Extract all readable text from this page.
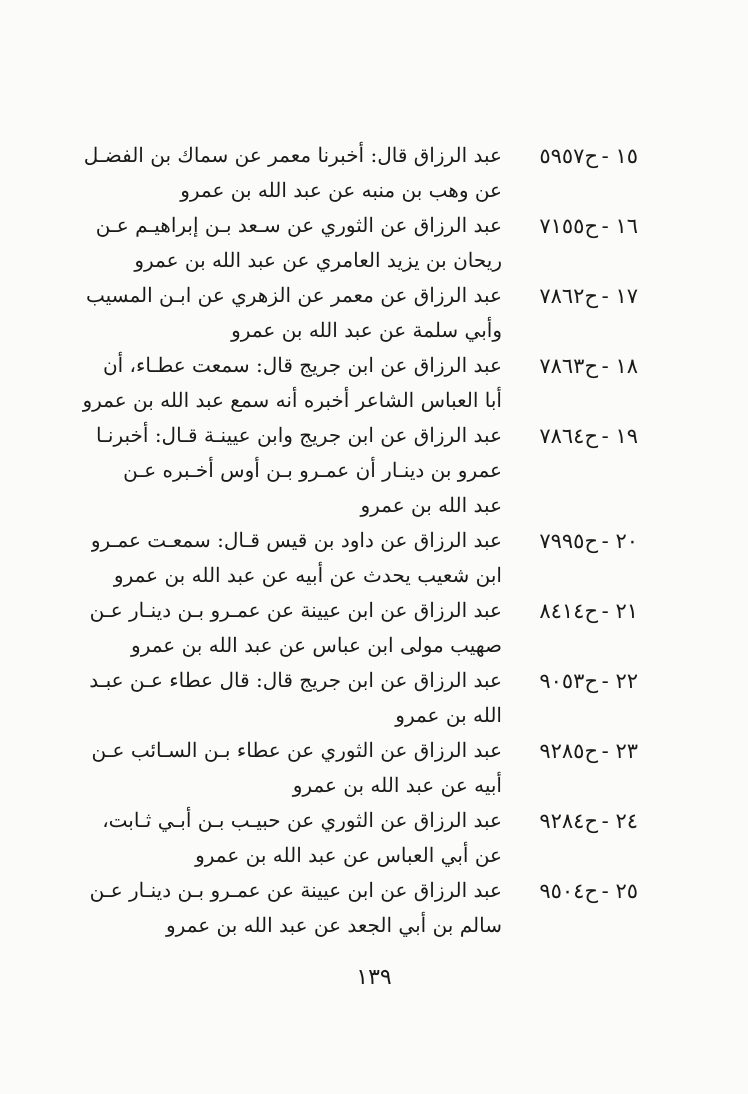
١٥ -
ح٥٩٥٧
عبد الرزاق قال: أخبرنا معمر عن سماك بن الفضـل
عن وهب بن منبه عن عبد الله بن عمرو
١٦ -
ح٧١٥٥
عبد الرزاق عن الثوري عن سـعد بـن إبراهيـم عـن
ريحان بن يزيد العامري عن عبد الله بن عمرو
١٧ -
ح٧٨٦٢
عبد الرزاق عن معمر عن الزهري عن ابـن المسيب
وأبي سلمة عن عبد الله بن عمرو
١٨ -
ح٧٨٦٣
عبد الرزاق عن ابن جريج قال: سمعت عطـاء، أن
أبا العباس الشاعر أخبره أنه سمع عبد الله بن عمرو
١٩ -
ح٧٨٦٤
عبد الرزاق عن ابن جريج وابن عيينـة قـال: أخبرنـا
عمرو بن دينـار أن عمـرو بـن أوس أخـبره عـن
عبد الله بن عمرو
٢٠ -
ح٧٩٩٥
عبد الرزاق عن داود بن قيس قـال: سمعـت عمـرو
ابن شعيب يحدث عن أبيه عن عبد الله بن عمرو
٢١ -
ح٨٤١٤
عبد الرزاق عن ابن عيينة عن عمـرو بـن دينـار عـن
صهيب مولى ابن عباس عن عبد الله بن عمرو
٢٢ -
ح٩٠٥٣
عبد الرزاق عن ابن جريج قال: قال عطاء عـن عبـد
الله بن عمرو
٢٣ -
ح٩٢٨٥
عبد الرزاق عن الثوري عن عطاء بـن السـائب عـن
أبيه عن عبد الله بن عمرو
٢٤ -
ح٩٢٨٤
عبد الرزاق عن الثوري عن حبيـب بـن أبـي ثـابت،
عن أبي العباس عن عبد الله بن عمرو
٢٥ -
ح٩٥٠٤
عبد الرزاق عن ابن عيينة عن عمـرو بـن دينـار عـن
سالم بن أبي الجعد عن عبد الله بن عمرو
١٣٩
